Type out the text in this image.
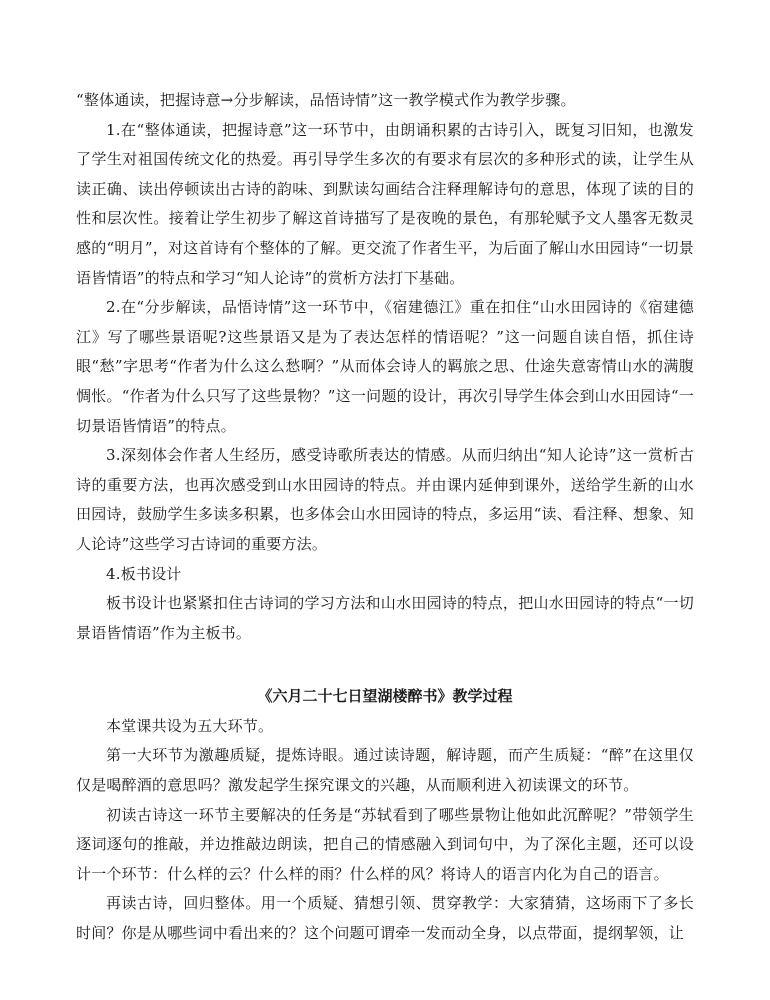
“整体通读，把握诗意→分步解读，品悟诗情”这一教学模式作为教学步骤。

1.在“整体通读，把握诗意”这一环节中，由朗诵积累的古诗引入，既复习旧知，也激发了学生对祖国传统文化的热爱。再引导学生多次的有要求有层次的多种形式的读，让学生从读正确、读出停顿读出古诗的韵味、到默读勾画结合注释理解诗句的意思，体现了读的目的性和层次性。接着让学生初步了解这首诗描写了是夜晚的景色，有那轮赋予文人墨客无数灵感的“明月”，对这首诗有个整体的了解。更交流了作者生平，为后面了解山水田园诗“一切景语皆情语”的特点和学习“知人论诗”的赏析方法打下基础。

2.在“分步解读，品悟诗情”这一环节中，《宿建德江》重在扣住“山水田园诗的《宿建德江》写了哪些景语呢?这些景语又是为了表达怎样的情语呢？”这一问题自读自悟，抓住诗眼“愁”字思考“作者为什么这么愁啊？”从而体会诗人的羁旅之思、仕途失意寄情山水的满腹惆怅。“作者为什么只写了这些景物？”这一问题的设计，再次引导学生体会到山水田园诗“一切景语皆情语”的特点。

3.深刻体会作者人生经历，感受诗歌所表达的情感。从而归纳出“知人论诗”这一赏析古诗的重要方法，也再次感受到山水田园诗的特点。并由课内延伸到课外，送给学生新的山水田园诗，鼓励学生多读多积累，也多体会山水田园诗的特点，多运用“读、看注释、想象、知人论诗”这些学习古诗词的重要方法。

4.板书设计

板书设计也紧紧扣住古诗词的学习方法和山水田园诗的特点，把山水田园诗的特点“一切景语皆情语”作为主板书。

《六月二十七日望湖楼醉书》教学过程

本堂课共设为五大环节。

第一大环节为激趣质疑，提炼诗眼。通过读诗题，解诗题，而产生质疑：“醉”在这里仅仅是喝醉酒的意思吗？激发起学生探究课文的兴趣，从而顺利进入初读课文的环节。

初读古诗这一环节主要解决的任务是“苏轼看到了哪些景物让他如此沉醉呢？”带领学生逐词逐句的推敲，并边推敲边朗读，把自己的情感融入到词句中，为了深化主题，还可以设计一个环节：什么样的云？什么样的雨？什么样的风？将诗人的语言内化为自己的语言。

再读古诗，回归整体。用一个质疑、猜想引领、贯穿教学：大家猜猜，这场雨下了多长时间？你是从哪些词中看出来的？这个问题可谓牵一发而动全身，以点带面，提纲挈领，让
